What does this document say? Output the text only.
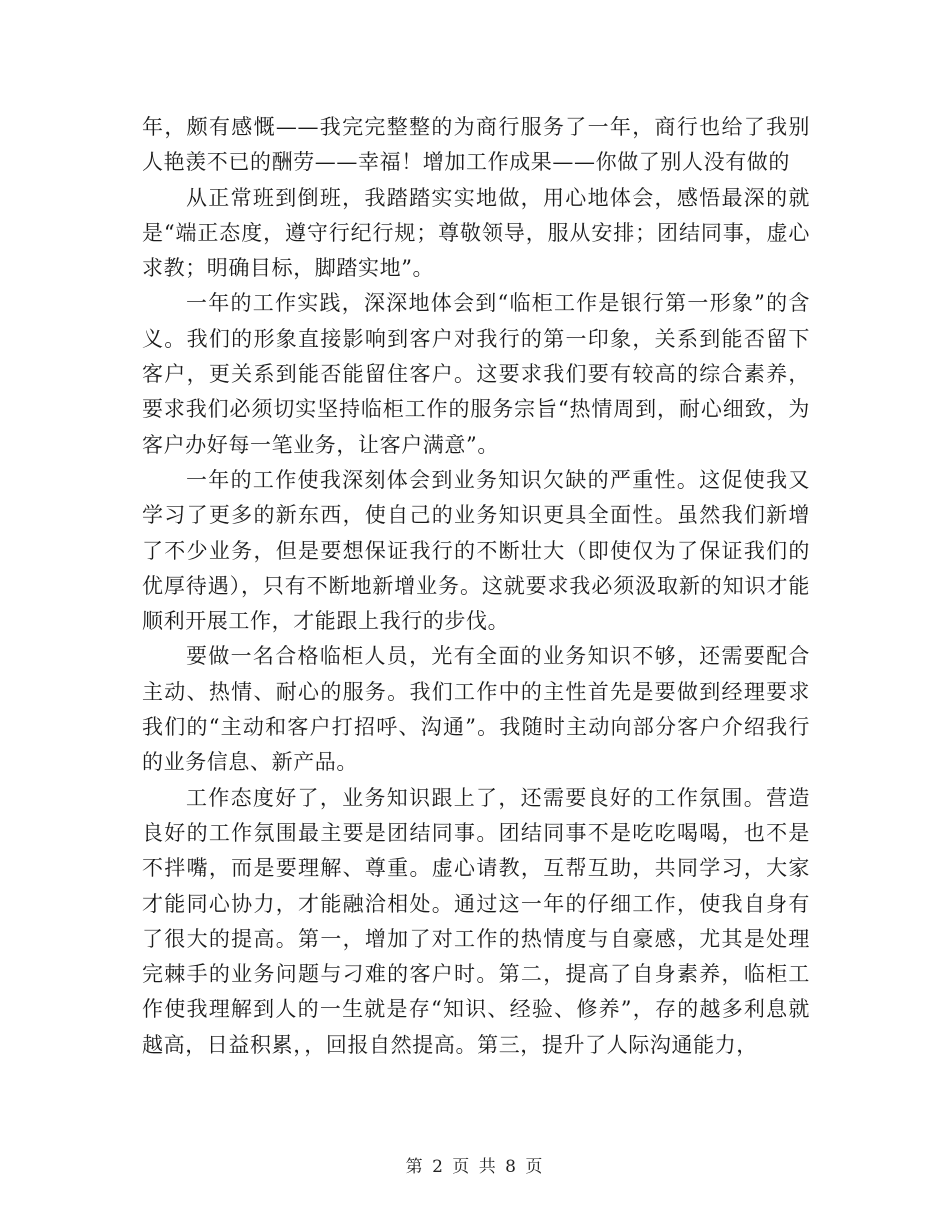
年，颇有感慨——我完完整整的为商行服务了一年，商行也给了我别人艳羡不已的酬劳——幸福！增加工作成果——你做了别人没有做的

从正常班到倒班，我踏踏实实地做，用心地体会，感悟最深的就是“端正态度，遵守行纪行规；尊敬领导，服从安排；团结同事，虚心求教；明确目标，脚踏实地”。

一年的工作实践，深深地体会到“临柜工作是银行第一形象”的含义。我们的形象直接影响到客户对我行的第一印象，关系到能否留下客户，更关系到能否能留住客户。这要求我们要有较高的综合素养，要求我们必须切实坚持临柜工作的服务宗旨“热情周到，耐心细致，为客户办好每一笔业务，让客户满意”。

一年的工作使我深刻体会到业务知识欠缺的严重性。这促使我又学习了更多的新东西，使自己的业务知识更具全面性。虽然我们新增了不少业务，但是要想保证我行的不断壮大（即使仅为了保证我们的优厚待遇），只有不断地新增业务。这就要求我必须汲取新的知识才能顺利开展工作，才能跟上我行的步伐。

要做一名合格临柜人员，光有全面的业务知识不够，还需要配合主动、热情、耐心的服务。我们工作中的主性首先是要做到经理要求我们的“主动和客户打招呼、沟通”。我随时主动向部分客户介绍我行的业务信息、新产品。

工作态度好了，业务知识跟上了，还需要良好的工作氛围。营造良好的工作氛围最主要是团结同事。团结同事不是吃吃喝喝，也不是不拌嘴，而是要理解、尊重。虚心请教，互帮互助，共同学习，大家才能同心协力，才能融洽相处。通过这一年的仔细工作，使我自身有了很大的提高。第一，增加了对工作的热情度与自豪感，尤其是处理完棘手的业务问题与刁难的客户时。第二，提高了自身素养，临柜工作使我理解到人的一生就是存“知识、经验、修养”，存的越多利息就越高，日益积累，，回报自然提高。第三，提升了人际沟通能力，

第 2 页 共 8 页
